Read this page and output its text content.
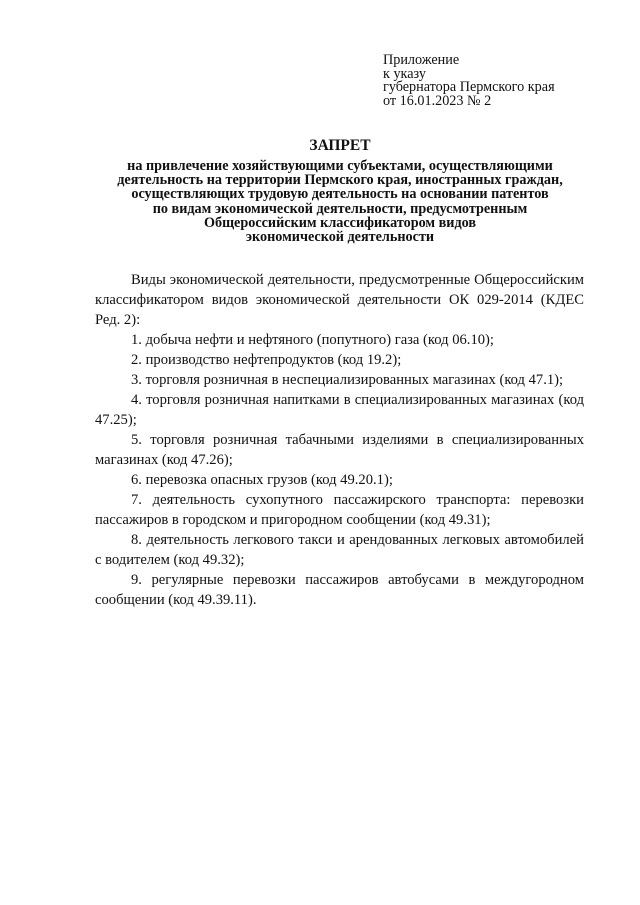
Приложение
к указу
губернатора Пермского края
от 16.01.2023 № 2
ЗАПРЕТ
на привлечение хозяйствующими субъектами, осуществляющими
деятельность на территории Пермского края, иностранных граждан,
осуществляющих трудовую деятельность на основании патентов
по видам экономической деятельности, предусмотренным
Общероссийским классификатором видов
экономической деятельности

Виды экономической деятельности, предусмотренные Общероссийским классификатором видов экономической деятельности ОК 029-2014 (КДЕС Ред. 2):

1. добыча нефти и нефтяного (попутного) газа (код 06.10);

2. производство нефтепродуктов (код 19.2);

3. торговля розничная в неспециализированных магазинах (код 47.1);

4. торговля розничная напитками в специализированных магазинах (код 47.25);

5. торговля розничная табачными изделиями в специализированных магазинах (код 47.26);

6. перевозка опасных грузов (код 49.20.1);

7. деятельность сухопутного пассажирского транспорта: перевозки пассажиров в городском и пригородном сообщении (код 49.31);

8. деятельность легкового такси и арендованных легковых автомобилей с водителем (код 49.32);

9. регулярные перевозки пассажиров автобусами в междугородном сообщении (код 49.39.11).
